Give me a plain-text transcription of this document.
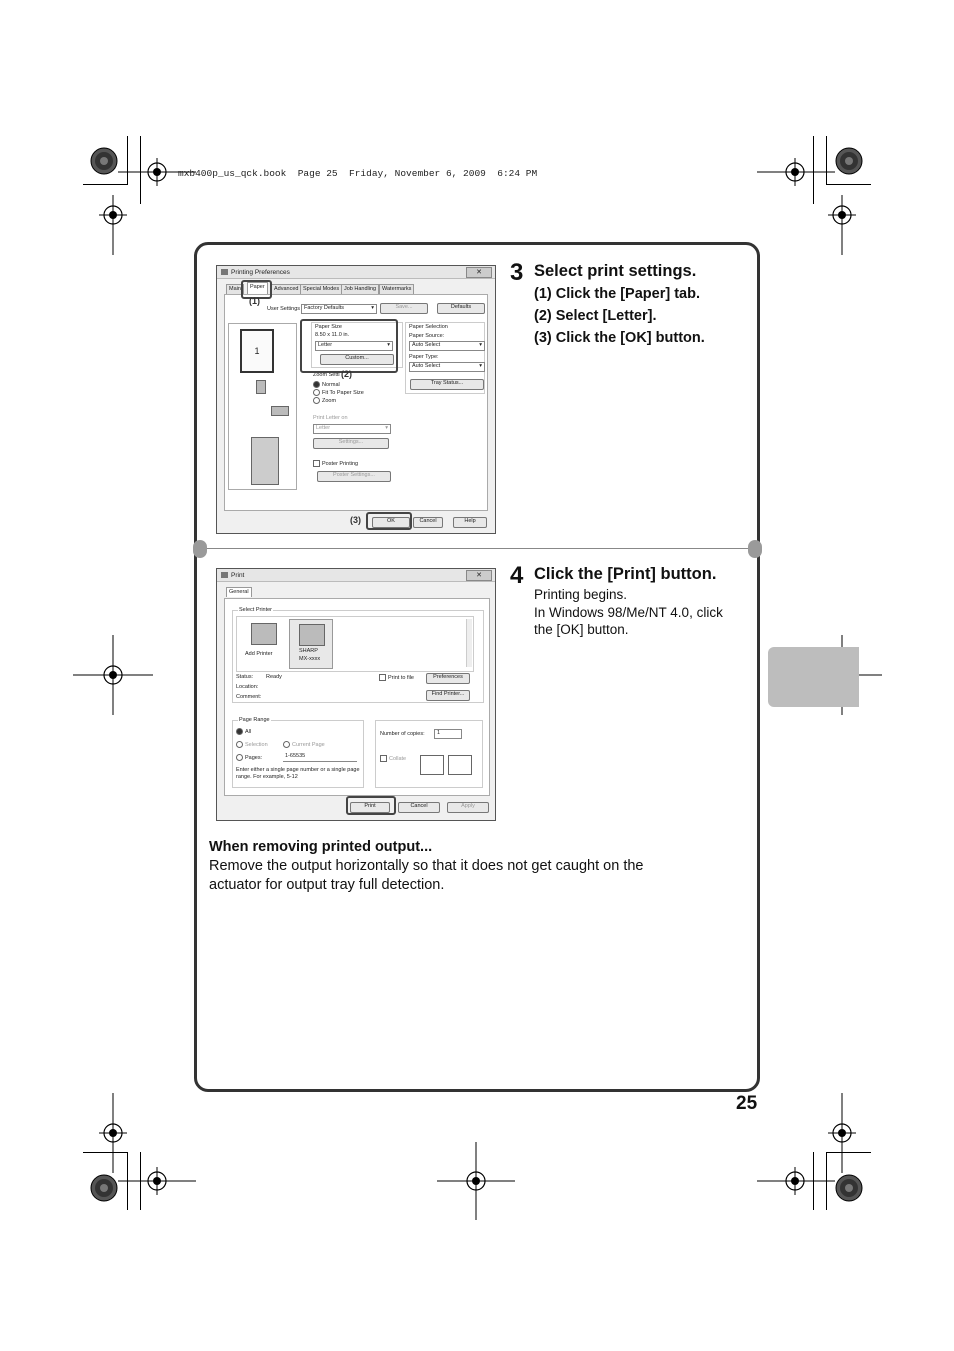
mxb400p_us_qck.book  Page 25  Friday, November 6, 2009  6:24 PM
3 Select print settings.
(1) Click the [Paper] tab.
(2) Select [Letter].
(3) Click the [OK] button.
4 Click the [Print] button.
Printing begins.
In Windows 98/Me/NT 4.0, click
the [OK] button.
When removing printed output...
Remove the output horizontally so that it does not get caught on the
actuator for output tray full detection.
25
Printing Preferences	✕
Main	Paper	Advanced Special Modes Job Handling	Watermarks
User Settings Factory Defaults	▾	Save...	Defaults
1
Paper Size
8.50 x 11.0 in.
Letter	▾
Custom...
Zoom Setti
Normal
Fit To Paper Size
Zoom
Print Letter on
Letter	▾
Settings...
Poster Printing
Poster Settings...
Paper Selection
Paper Source:
Auto Select	▾
Paper Type:
Auto Select	▾
Tray Status...
OK	Cancel	Help
(1)
(2)
(3)
Print	✕
General
Select Printer
Add Printer	SHARP
MX-xxxx
Status: Ready
Location:
Comment:
Print to file	Preferences
Find Printer...
Page Range
All
Selection	Current Page
Pages:	1-65535
Enter either a single page number or a single page range. For example, 5-12
Number of copies:	1
Collate
Print	Cancel	Apply
